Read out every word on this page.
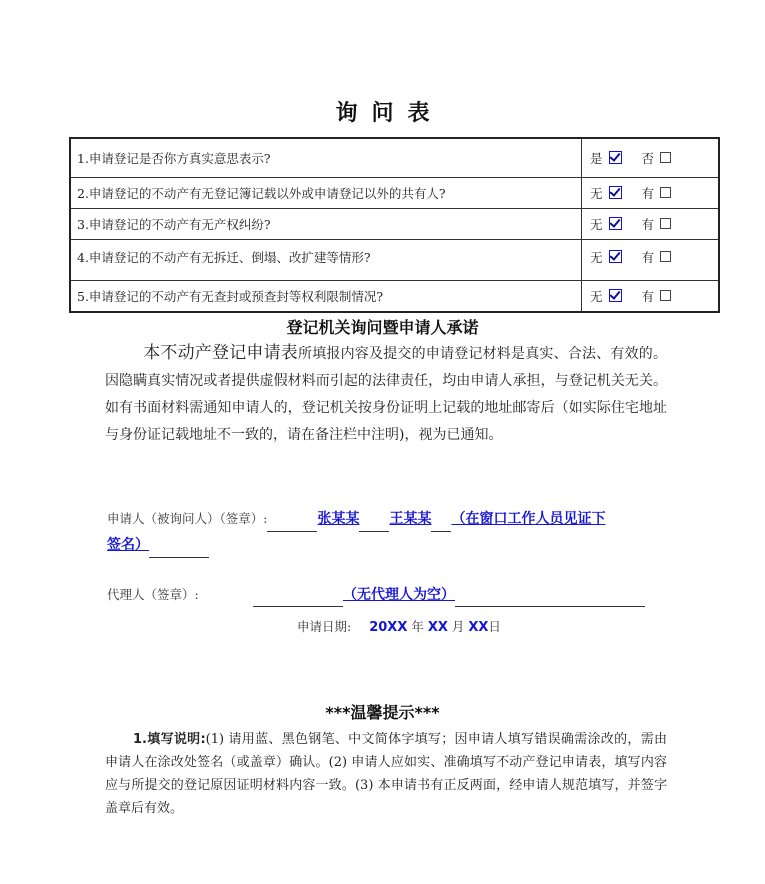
询问表
1.申请登记是否你方真实意思表示?	是 否
2.申请登记的不动产有无登记簿记载以外或申请登记以外的共有人?	无 有
3.申请登记的不动产有无产权纠纷?	无 有
4.申请登记的不动产有无拆迁、倒塌、改扩建等情形?	无 有
5.申请登记的不动产有无查封或预查封等权利限制情况?	无 有
登记机关询问暨申请人承诺
本不动产登记申请表所填报内容及提交的申请登记材料是真实、合法、有效的。因隐瞒真实情况或者提供虚假材料而引起的法律责任，均由申请人承担，与登记机关无关。如有书面材料需通知申请人的，登记机关按身份证明上记载的地址邮寄后（如实际住宅地址与身份证记载地址不一致的，请在备注栏中注明)，视为已通知。
申请人（被询问人）（签章）:	张某某 王某某 （在窗口工作人员见证下
签名）
代理人（签章）:	（无代理人为空）
申请日期: 20XX 年 XX 月 XX日
***温馨提示***
1.填写说明:(1) 请用蓝、黑色钢笔、中文简体字填写；因申请人填写错误确需涂改的，需由申请人在涂改处签名（或盖章）确认。(2) 申请人应如实、准确填写不动产登记申请表，填写内容应与所提交的登记原因证明材料内容一致。(3) 本申请书有正反两面，经申请人规范填写，并签字盖章后有效。
